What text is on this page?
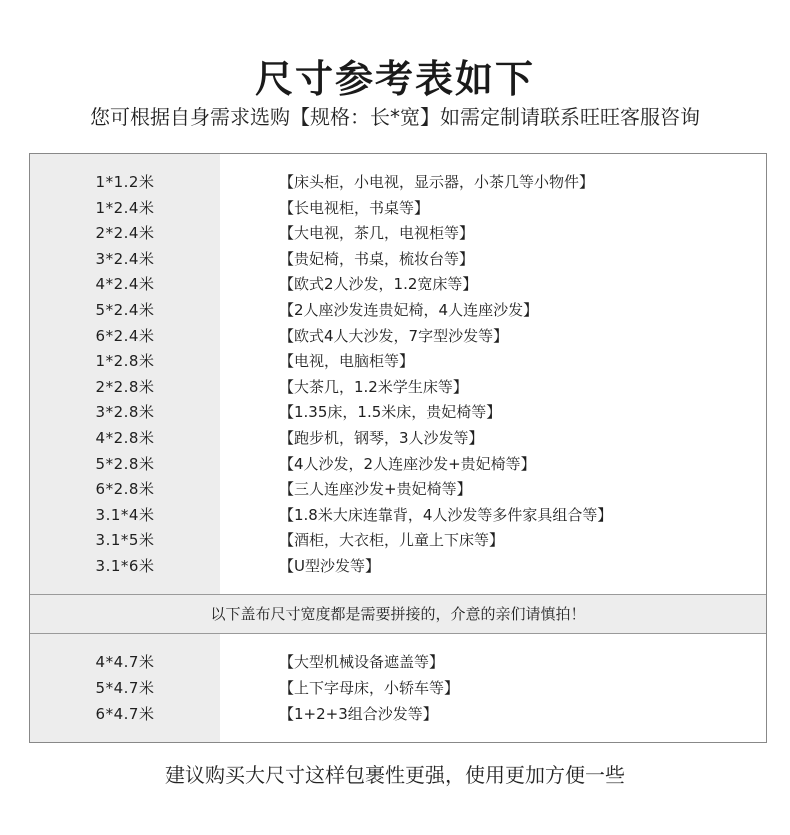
尺寸参考表如下
您可根据自身需求选购【规格：长*宽】如需定制请联系旺旺客服咨询
1*1.2米	【床头柜，小电视，显示器，小茶几等小物件】
1*2.4米	【长电视柜，书桌等】
2*2.4米	【大电视，茶几，电视柜等】
3*2.4米	【贵妃椅，书桌，梳妆台等】
4*2.4米	【欧式2人沙发，1.2宽床等】
5*2.4米	【2人座沙发连贵妃椅，4人连座沙发】
6*2.4米	【欧式4人大沙发，7字型沙发等】
1*2.8米	【电视，电脑柜等】
2*2.8米	【大茶几，1.2米学生床等】
3*2.8米	【1.35床，1.5米床，贵妃椅等】
4*2.8米	【跑步机，钢琴，3人沙发等】
5*2.8米	【4人沙发，2人连座沙发+贵妃椅等】
6*2.8米	【三人连座沙发+贵妃椅等】
3.1*4米	【1.8米大床连靠背，4人沙发等多件家具组合等】
3.1*5米	【酒柜，大衣柜，儿童上下床等】
3.1*6米	【U型沙发等】
以下盖布尺寸宽度都是需要拼接的，介意的亲们请慎拍！
4*4.7米	【大型机械设备遮盖等】
5*4.7米	【上下字母床，小轿车等】
6*4.7米	【1+2+3组合沙发等】
建议购买大尺寸这样包裹性更强，使用更加方便一些
